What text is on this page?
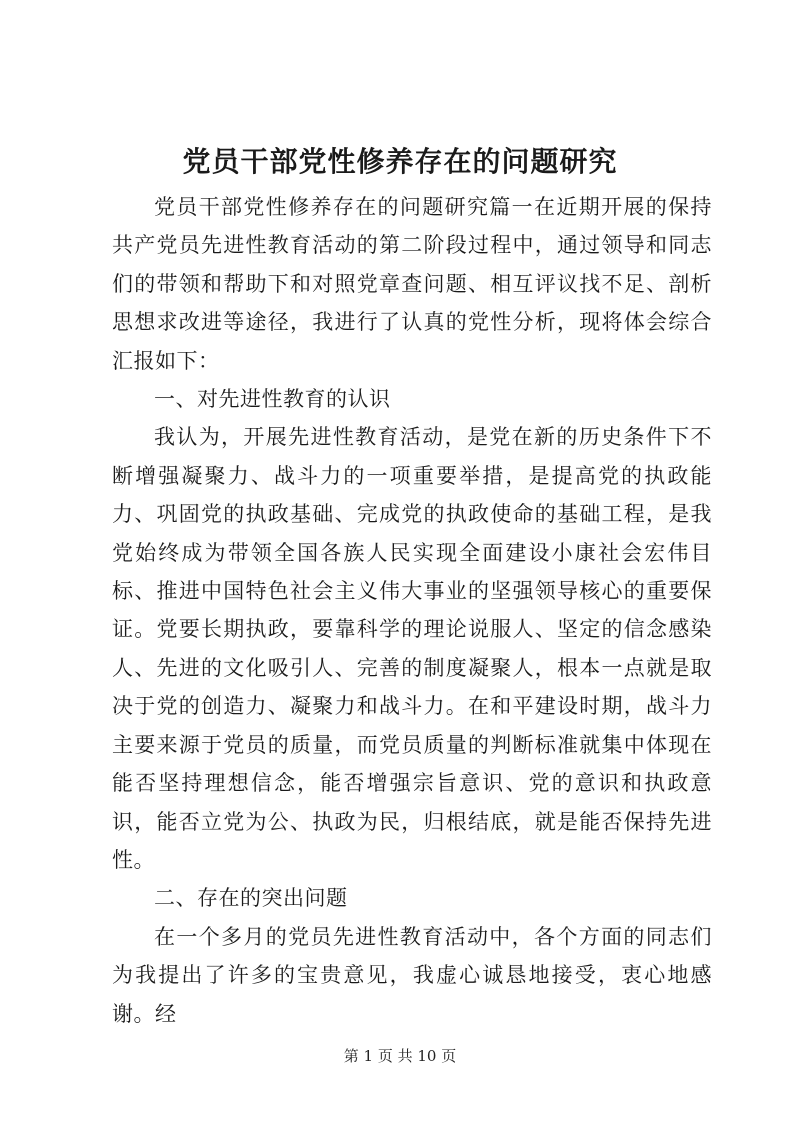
党员干部党性修养存在的问题研究

党员干部党性修养存在的问题研究篇一在近期开展的保持共产党员先进性教育活动的第二阶段过程中，通过领导和同志们的带领和帮助下和对照党章查问题、相互评议找不足、剖析思想求改进等途径，我进行了认真的党性分析，现将体会综合汇报如下：

一、对先进性教育的认识

我认为，开展先进性教育活动，是党在新的历史条件下不断增强凝聚力、战斗力的一项重要举措，是提高党的执政能力、巩固党的执政基础、完成党的执政使命的基础工程，是我党始终成为带领全国各族人民实现全面建设小康社会宏伟目标、推进中国特色社会主义伟大事业的坚强领导核心的重要保证。党要长期执政，要靠科学的理论说服人、坚定的信念感染人、先进的文化吸引人、完善的制度凝聚人，根本一点就是取决于党的创造力、凝聚力和战斗力。在和平建设时期，战斗力主要来源于党员的质量，而党员质量的判断标准就集中体现在能否坚持理想信念，能否增强宗旨意识、党的意识和执政意识，能否立党为公、执政为民，归根结底，就是能否保持先进性。

二、存在的突出问题

在一个多月的党员先进性教育活动中，各个方面的同志们为我提出了许多的宝贵意见，我虚心诚恳地接受，衷心地感谢。经

第 1 页 共 10 页
